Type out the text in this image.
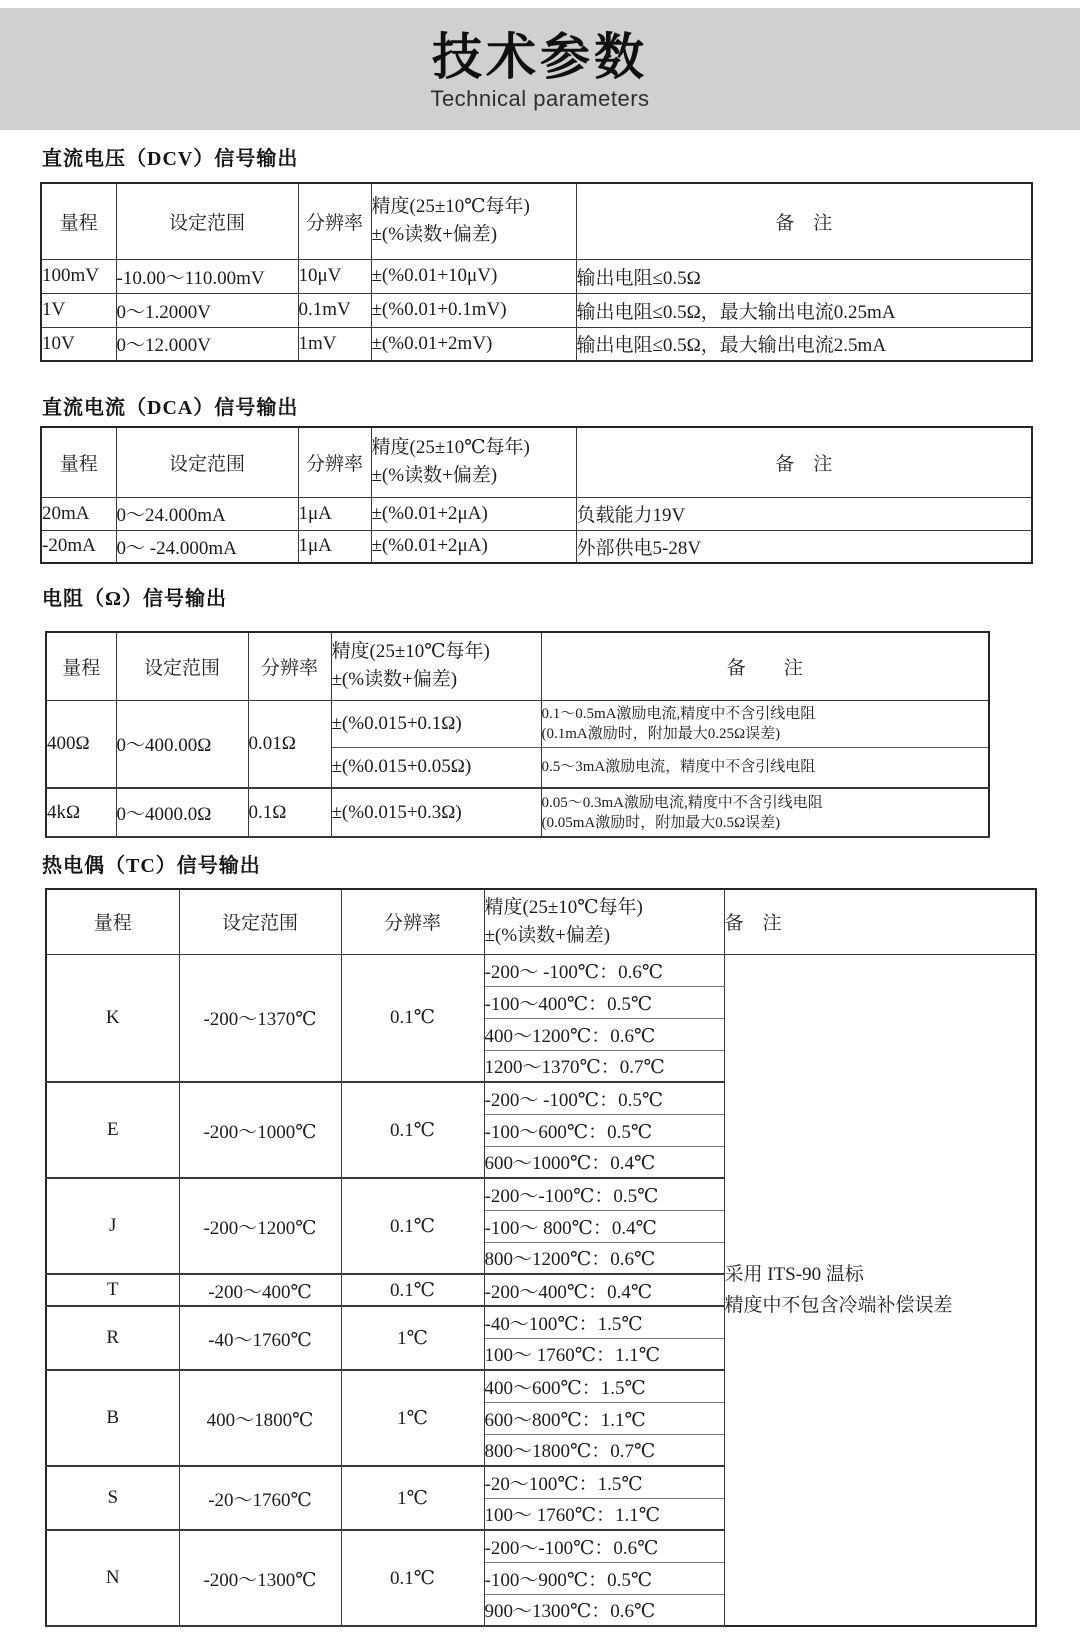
技术参数
Technical parameters
直流电压（DCV）信号输出
量程	设定范围	分辨率	精度(25±10℃每年)
±(%读数+偏差)	备　注

100mV	-10.00～110.00mV	10μV	±(%0.01+10μV)	输出电阻≤0.5Ω

1V	0～1.2000V	0.1mV	±(%0.01+0.1mV)	输出电阻≤0.5Ω，最大输出电流0.25mA

10V	0～12.000V	1mV	±(%0.01+2mV)	输出电阻≤0.5Ω，最大输出电流2.5mA
直流电流（DCA）信号输出
量程	设定范围	分辨率	精度(25±10℃每年)
±(%读数+偏差)	备　注

20mA	0～24.000mA	1μA	±(%0.01+2μA)	负载能力19V

-20mA	0～ -24.000mA	1μA	±(%0.01+2μA)	外部供电5-28V
电阻（Ω）信号输出
量程	设定范围	分辨率	精度(25±10℃每年)
±(%读数+偏差)	备　　注

400Ω	0～400.00Ω	0.01Ω	±(%0.015+0.1Ω)	0.1～0.5mA激励电流,精度中不含引线电阻
(0.1mA激励时，附加最大0.25Ω误差)

			±(%0.015+0.05Ω)	0.5～3mA激励电流，精度中不含引线电阻

4kΩ	0～4000.0Ω	0.1Ω	±(%0.015+0.3Ω)	0.05～0.3mA激励电流,精度中不含引线电阻
(0.05mA激励时，附加最大0.5Ω误差)
热电偶（TC）信号输出
量程	设定范围	分辨率	精度(25±10℃每年)
±(%读数+偏差)	备　注

K	-200～1370℃	0.1℃	-200～ -100℃：0.6℃	采用 ITS-90 温标
精度中不包含冷端补偿误差

			-100～400℃：0.5℃	

			400～1200℃：0.6℃	

			1200～1370℃：0.7℃	

E	-200～1000℃	0.1℃	-200～ -100℃：0.5℃	

			-100～600℃：0.5℃	

			600～1000℃：0.4℃	

J	-200～1200℃	0.1℃	-200～-100℃：0.5℃	

			-100～ 800℃：0.4℃	

			800～1200℃：0.6℃	

T	-200～400℃	0.1℃	-200～400℃：0.4℃	

R	-40～1760℃	1℃	-40～100℃：1.5℃	

			100～ 1760℃：1.1℃	

B	400～1800℃	1℃	400～600℃：1.5℃	

			600～800℃：1.1℃	

			800～1800℃：0.7℃	

S	-20～1760℃	1℃	-20～100℃：1.5℃	

			100～ 1760℃：1.1℃	

N	-200～1300℃	0.1℃	-200～-100℃：0.6℃	

			-100～900℃：0.5℃	

			900～1300℃：0.6℃	
